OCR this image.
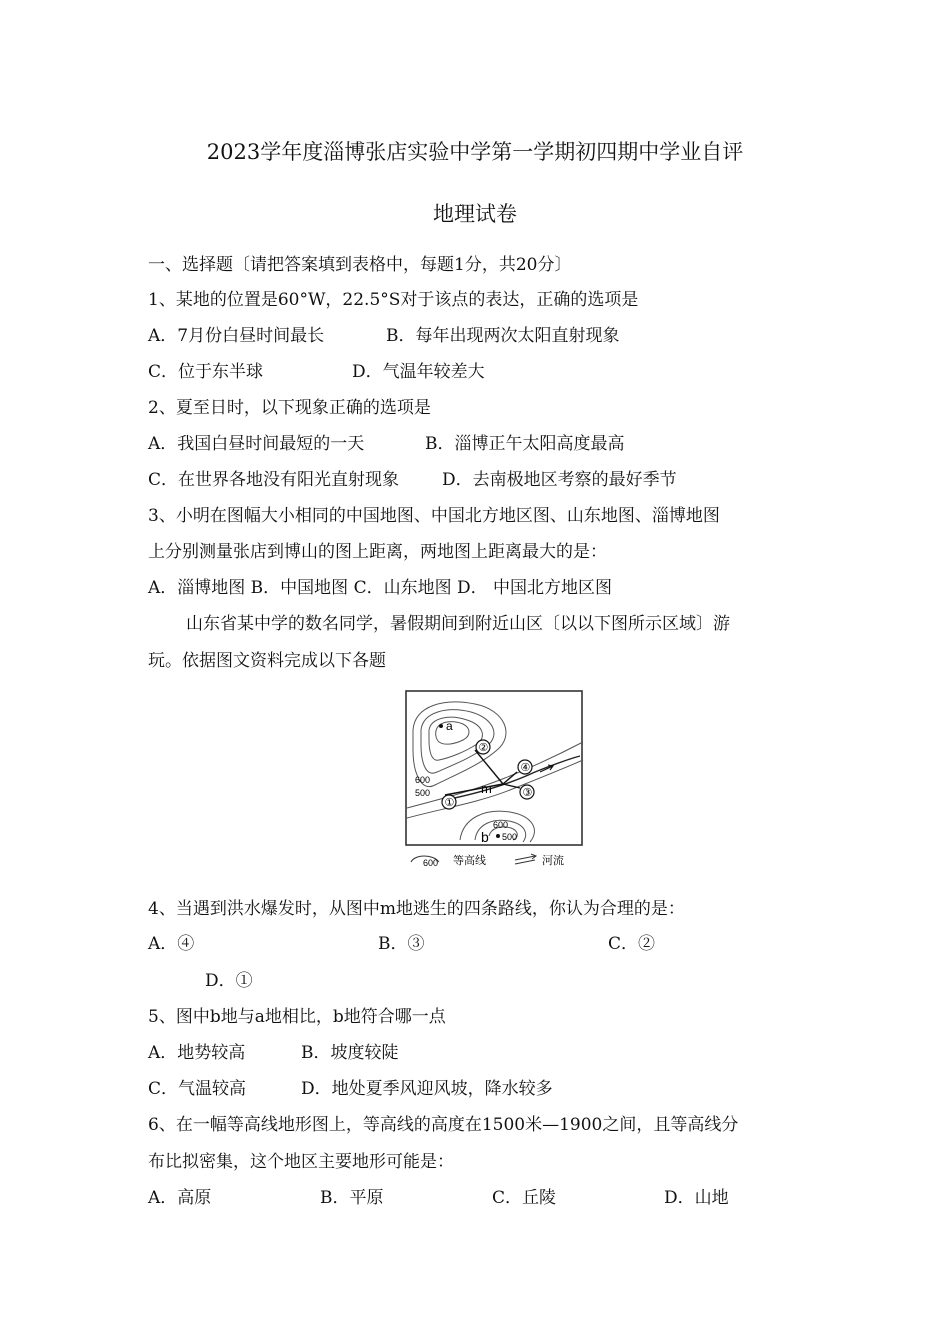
2023学年度淄博张店实验中学第一学期初四期中学业自评
地理试卷
一、选择题〔请把答案填到表格中，每题1分，共20分〕
1、某地的位置是60°W，22.5°S对于该点的表达，正确的选项是
A．7月份白昼时间最长	B．每年出现两次太阳直射现象
C．位于东半球	D．气温年较差大
2、夏至日时，以下现象正确的选项是
A．我国白昼时间最短的一天	B．淄博正午太阳高度最高
C．在世界各地没有阳光直射现象	D．去南极地区考察的最好季节
3、小明在图幅大小相同的中国地图、中国北方地区图、山东地图、淄博地图
上分别测量张店到博山的图上距离，两地图上距离最大的是：
A．淄博地图 B．中国地图 C．山东地图 D． 中国北方地区图
山东省某中学的数名同学，暑假期间到附近山区〔以以下图所示区域〕游
玩。依据图文资料完成以下各题
a
b
m
②
①
④
③
600
500
600
500
600 等高线	河流
4、当遇到洪水爆发时，从图中m地逃生的四条路线，你认为合理的是：
A．④	B．③	C．②
D．①
5、图中b地与a地相比，b地符合哪一点
A．地势较高	B．坡度较陡
C．气温较高	D．地处夏季风迎风坡，降水较多
6、在一幅等高线地形图上，等高线的高度在1500米—1900之间，且等高线分
布比拟密集，这个地区主要地形可能是：
A．高原	B．平原	C．丘陵	D．山地
